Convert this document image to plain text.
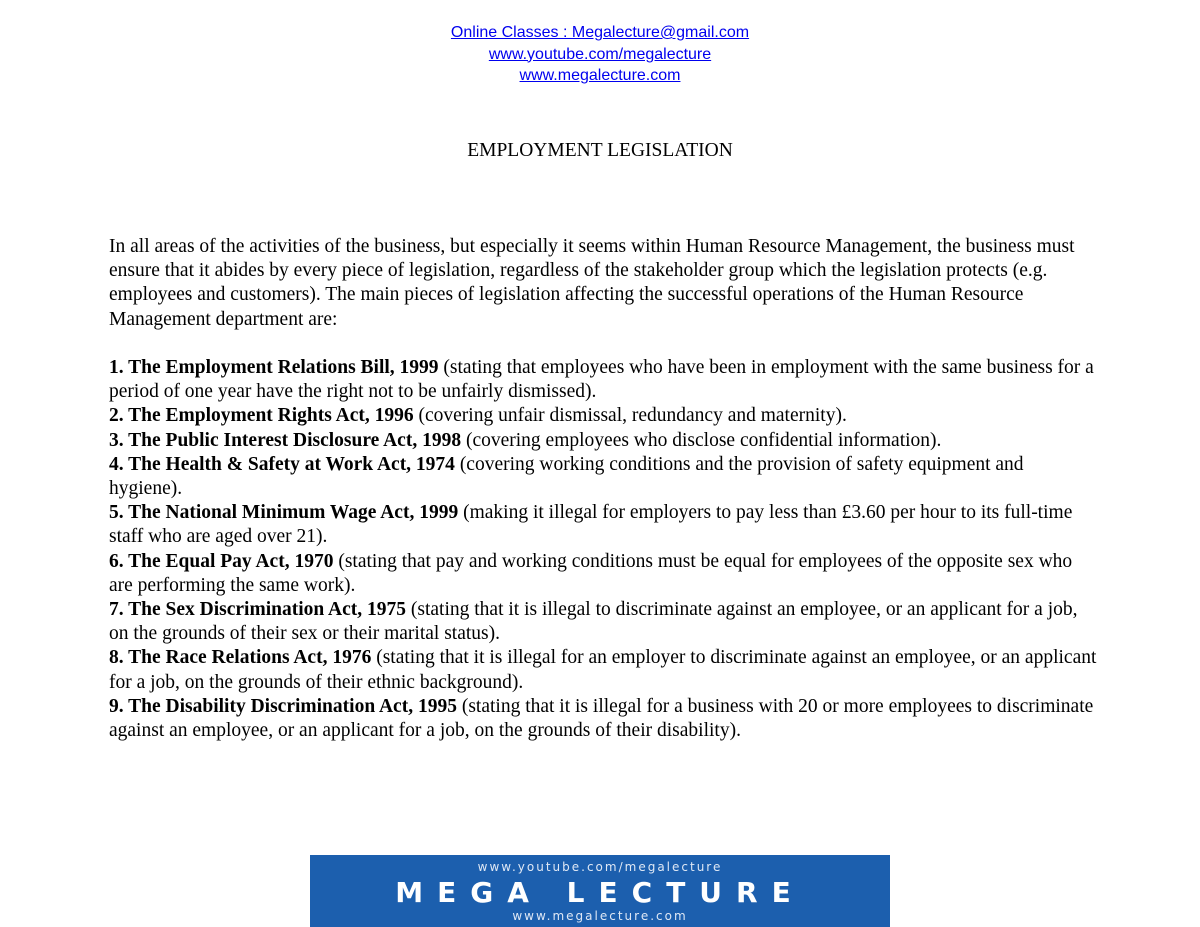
Online Classes : Megalecture@gmail.com
www.youtube.com/megalecture
www.megalecture.com
EMPLOYMENT LEGISLATION

In all areas of the activities of the business, but especially it seems within Human Resource Management, the business must ensure that it abides by every piece of legislation, regardless of the stakeholder group which the legislation protects (e.g. employees and customers). The main pieces of legislation affecting the successful operations of the Human Resource Management department are:

1. The Employment Relations Bill, 1999 (stating that employees who have been in employment with the same business for a period of one year have the right not to be unfairly dismissed).
2. The Employment Rights Act, 1996 (covering unfair dismissal, redundancy and maternity).
3. The Public Interest Disclosure Act, 1998 (covering employees who disclose confidential information).
4. The Health & Safety at Work Act, 1974 (covering working conditions and the provision of safety equipment and hygiene).
5. The National Minimum Wage Act, 1999 (making it illegal for employers to pay less than £3.60 per hour to its full-time staff who are aged over 21).
6. The Equal Pay Act, 1970 (stating that pay and working conditions must be equal for employees of the opposite sex who are performing the same work).
7. The Sex Discrimination Act, 1975 (stating that it is illegal to discriminate against an employee, or an applicant for a job, on the grounds of their sex or their marital status).
8. The Race Relations Act, 1976 (stating that it is illegal for an employer to discriminate against an employee, or an applicant for a job, on the grounds of their ethnic background).
9. The Disability Discrimination Act, 1995 (stating that it is illegal for a business with 20 or more employees to discriminate against an employee, or an applicant for a job, on the grounds of their disability).
www.youtube.com/megalecture
MEGA LECTURE
www.megalecture.com
